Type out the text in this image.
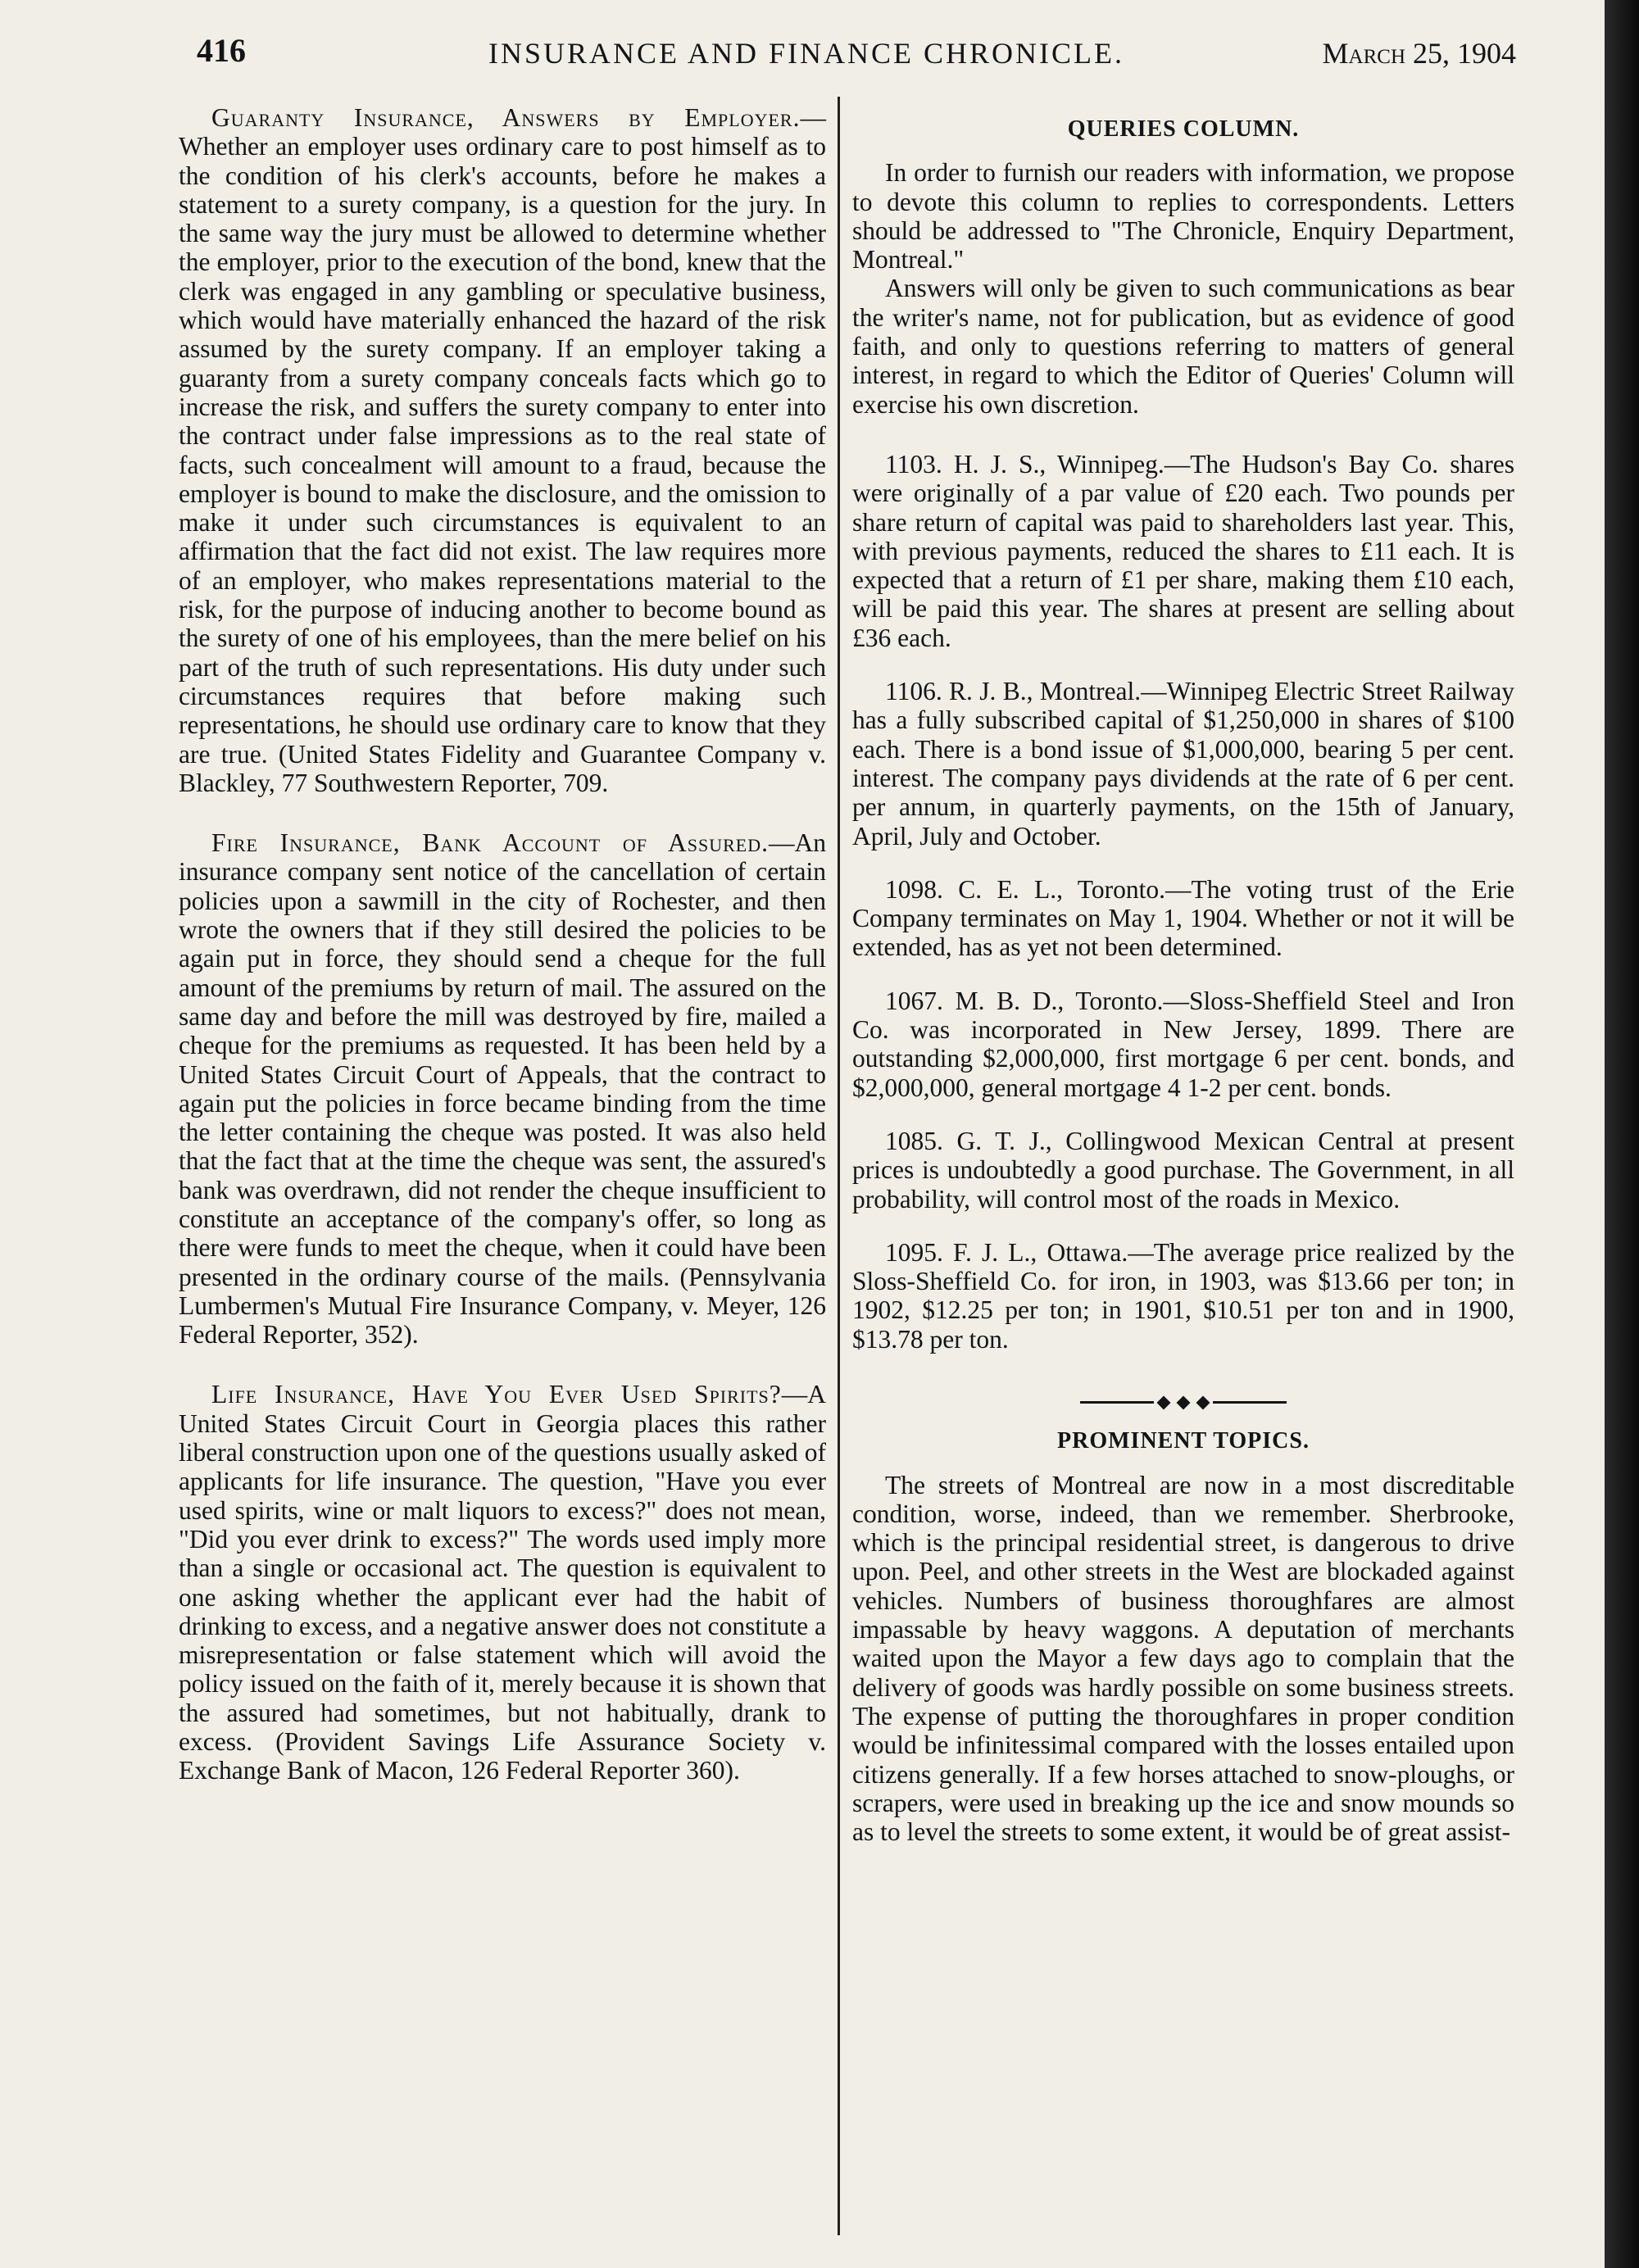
416	INSURANCE AND FINANCE CHRONICLE.	March 25, 1904

Guaranty Insurance, Answers by Employer.—Whether an employer uses ordinary care to post himself as to the condition of his clerk's accounts, before he makes a statement to a surety company, is a question for the jury. In the same way the jury must be allowed to determine whether the employer, prior to the execution of the bond, knew that the clerk was engaged in any gambling or speculative business, which would have materially enhanced the hazard of the risk assumed by the surety company. If an employer taking a guaranty from a surety company conceals facts which go to increase the risk, and suffers the surety company to enter into the contract under false impressions as to the real state of facts, such concealment will amount to a fraud, because the employer is bound to make the disclosure, and the omission to make it under such circumstances is equivalent to an affirmation that the fact did not exist. The law requires more of an employer, who makes representations material to the risk, for the purpose of inducing another to become bound as the surety of one of his employees, than the mere belief on his part of the truth of such representations. His duty under such circumstances requires that before making such representations, he should use ordinary care to know that they are true. (United States Fidelity and Guarantee Company v. Blackley, 77 Southwestern Reporter, 709.

Fire Insurance, Bank Account of Assured.—An insurance company sent notice of the cancellation of certain policies upon a sawmill in the city of Rochester, and then wrote the owners that if they still desired the policies to be again put in force, they should send a cheque for the full amount of the premiums by return of mail. The assured on the same day and before the mill was destroyed by fire, mailed a cheque for the premiums as requested. It has been held by a United States Circuit Court of Appeals, that the contract to again put the policies in force became binding from the time the letter containing the cheque was posted. It was also held that the fact that at the time the cheque was sent, the assured's bank was overdrawn, did not render the cheque insufficient to constitute an acceptance of the company's offer, so long as there were funds to meet the cheque, when it could have been presented in the ordinary course of the mails. (Pennsylvania Lumbermen's Mutual Fire Insurance Company, v. Meyer, 126 Federal Reporter, 352).

Life Insurance, Have You Ever Used Spirits?—A United States Circuit Court in Georgia places this rather liberal construction upon one of the questions usually asked of applicants for life insurance. The question, "Have you ever used spirits, wine or malt liquors to excess?" does not mean, "Did you ever drink to excess?" The words used imply more than a single or occasional act. The question is equivalent to one asking whether the applicant ever had the habit of drinking to excess, and a negative answer does not constitute a misrepresentation or false statement which will avoid the policy issued on the faith of it, merely because it is shown that the assured had sometimes, but not habitually, drank to excess. (Provident Savings Life Assurance Society v. Exchange Bank of Macon, 126 Federal Reporter 360).

QUERIES COLUMN.

In order to furnish our readers with information, we propose to devote this column to replies to correspondents. Letters should be addressed to "The Chronicle, Enquiry Department, Montreal."

Answers will only be given to such communications as bear the writer's name, not for publication, but as evidence of good faith, and only to questions referring to matters of general interest, in regard to which the Editor of Queries' Column will exercise his own discretion.

1103. H. J. S., Winnipeg.—The Hudson's Bay Co. shares were originally of a par value of £20 each. Two pounds per share return of capital was paid to shareholders last year. This, with previous payments, reduced the shares to £11 each. It is expected that a return of £1 per share, making them £10 each, will be paid this year. The shares at present are selling about £36 each.

1106. R. J. B., Montreal.—Winnipeg Electric Street Railway has a fully subscribed capital of $1,250,000 in shares of $100 each. There is a bond issue of $1,000,000, bearing 5 per cent. interest. The company pays dividends at the rate of 6 per cent. per annum, in quarterly payments, on the 15th of January, April, July and October.

1098. C. E. L., Toronto.—The voting trust of the Erie Company terminates on May 1, 1904. Whether or not it will be extended, has as yet not been determined.

1067. M. B. D., Toronto.—Sloss-Sheffield Steel and Iron Co. was incorporated in New Jersey, 1899. There are outstanding $2,000,000, first mortgage 6 per cent. bonds, and $2,000,000, general mortgage 4 1-2 per cent. bonds.

1085. G. T. J., Collingwood Mexican Central at present prices is undoubtedly a good purchase. The Government, in all probability, will control most of the roads in Mexico.

1095. F. J. L., Ottawa.—The average price realized by the Sloss-Sheffield Co. for iron, in 1903, was $13.66 per ton; in 1902, $12.25 per ton; in 1901, $10.51 per ton and in 1900, $13.78 per ton.

PROMINENT TOPICS.

The streets of Montreal are now in a most discreditable condition, worse, indeed, than we remember. Sherbrooke, which is the principal residential street, is dangerous to drive upon. Peel, and other streets in the West are blockaded against vehicles. Numbers of business thoroughfares are almost impassable by heavy waggons. A deputation of merchants waited upon the Mayor a few days ago to complain that the delivery of goods was hardly possible on some business streets. The expense of putting the thoroughfares in proper condition would be infinitessimal compared with the losses entailed upon citizens generally. If a few horses attached to snow-ploughs, or scrapers, were used in breaking up the ice and snow mounds so as to level the streets to some extent, it would be of great assist-
